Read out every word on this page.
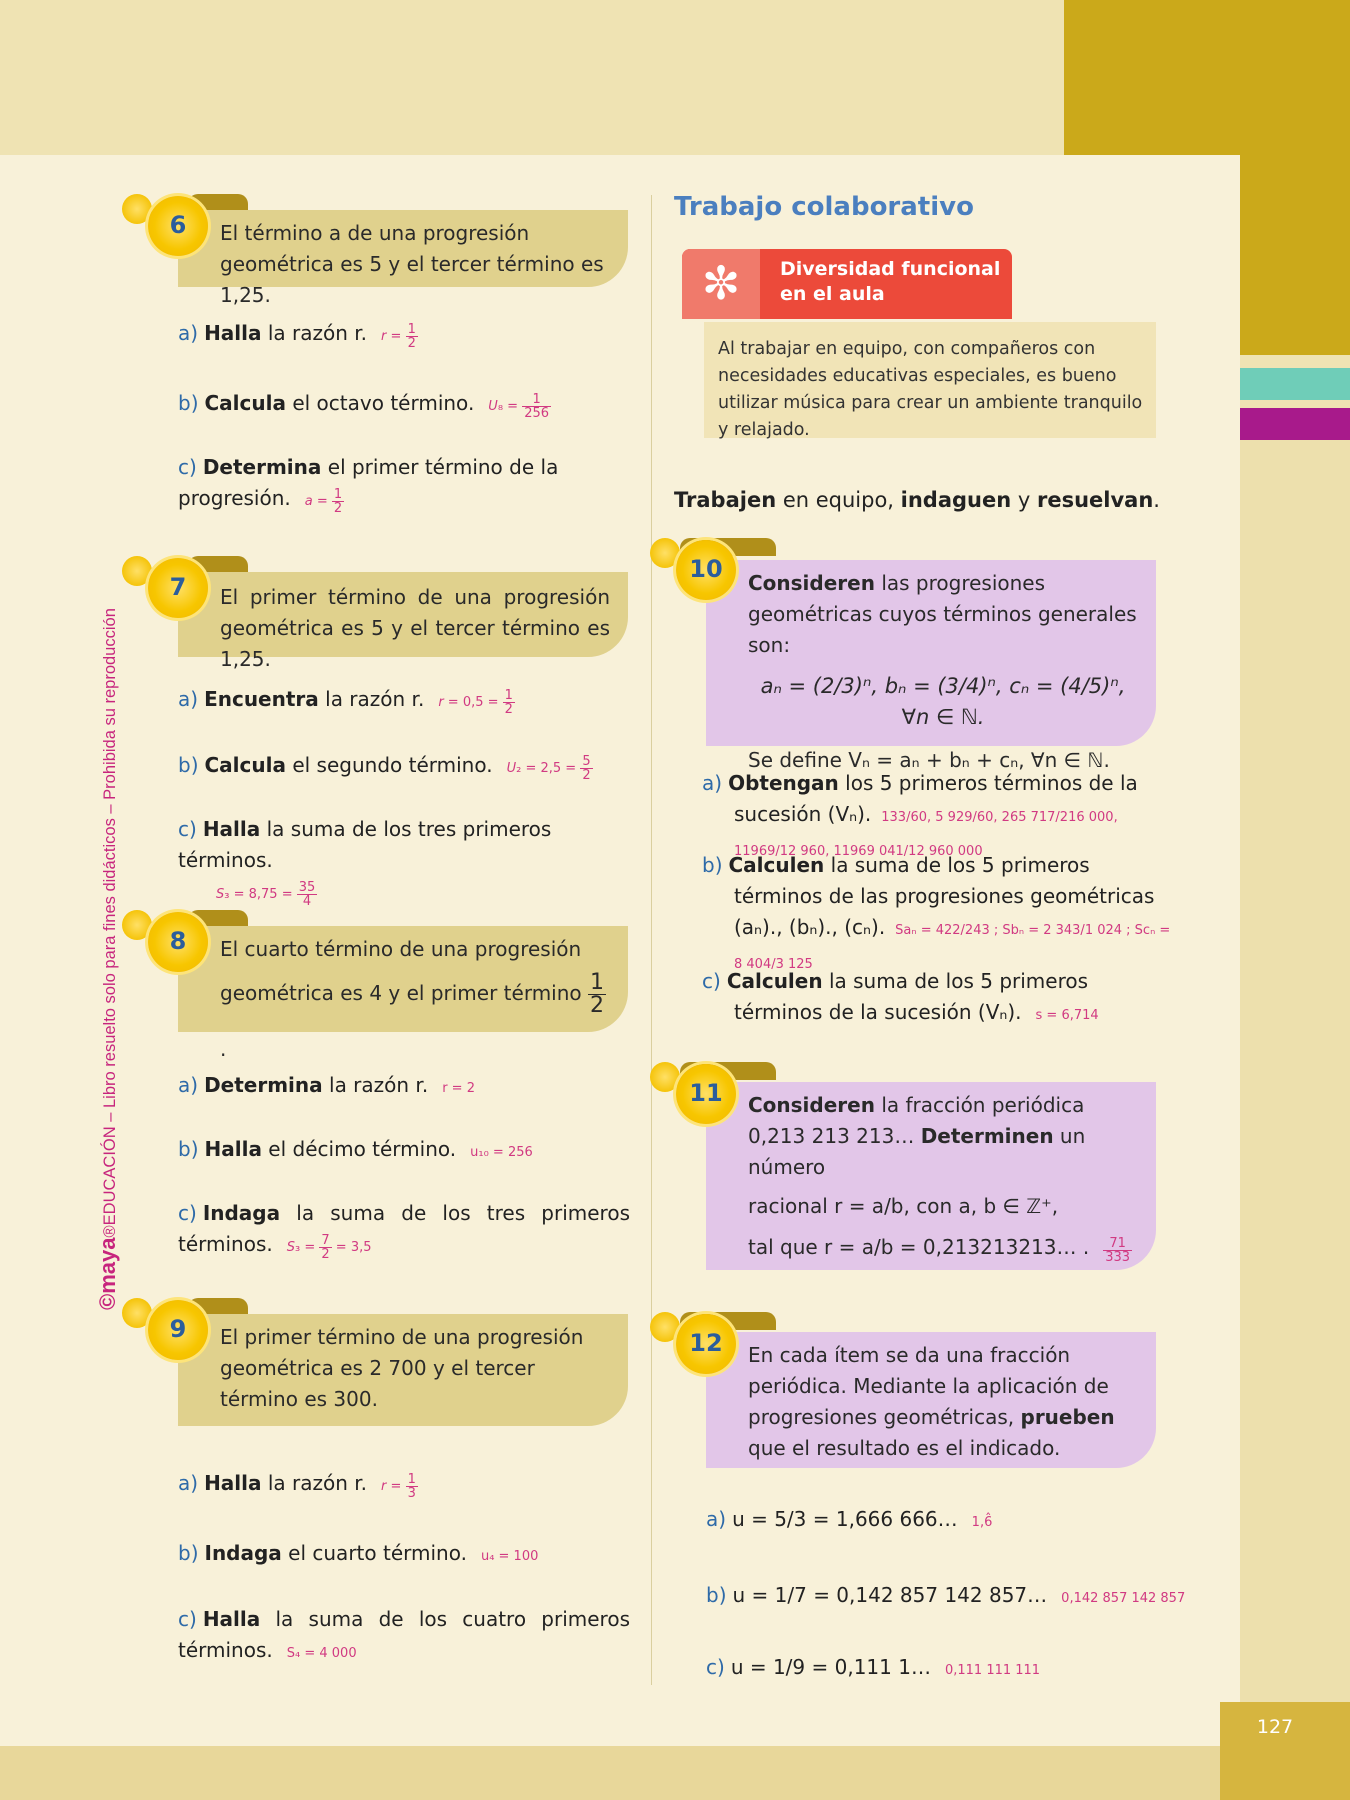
127
©maya®EDUCACIÓN – Libro resuelto solo para fines didácticos – Prohibida su reproducción
El término a de una progresión geométrica es 5 y el tercer término es 1,25.
6
a) Halla la razón r. $r = \frac{1}{2}$
b) Calcula el octavo término. $U_8 = \frac{1}{256}$
c) Determina el primer término de la progresión. $a = \frac{1}{2}$
El primer término de una progresión geométrica es 5 y el tercer término es 1,25.
7
a) Encuentra la razón r. $r = 0,5 = \frac{1}{2}$
b) Calcula el segundo término. $U_2 = 2,5 = \frac{5}{2}$
c) Halla la suma de los tres primeros términos.
$S_3 = 8,75 = \frac{35}{4}$
El cuarto término de una progresión
geométrica es 4 y el primer término $\frac{1}{2}$
.
8
a) Determina la razón r. r = 2
b) Halla el décimo término. u₁₀ = 256
c) Indaga la suma de los tres primeros términos. $S_3 = \frac{7}{2} = 3,5$
El primer término de una progresión geométrica es 2 700 y el tercer término es 300.
9
a) Halla la razón r. $r = \frac{1}{3}$
b) Indaga el cuarto término. u₄ = 100
c) Halla la suma de los cuatro primeros términos. S₄ = 4 000
Trabajo colaborativo
✼	Diversidad funcional en el aula
Al trabajar en equipo, con compañeros con necesidades educativas especiales, es bueno utilizar música para crear un ambiente tranquilo y relajado.
Trabajen en equipo, indaguen y resuelvan.
Consideren las progresiones geométricas cuyos términos generales son:
aₙ = (2/3)ⁿ, bₙ = (3/4)ⁿ, cₙ = (4/5)ⁿ, ∀n ∈ ℕ.
Se define Vₙ = aₙ + bₙ + cₙ, ∀n ∈ ℕ.
10
a) Obtengan los 5 primeros términos de la sucesión (Vₙ). 133/60, 5 929/60, 265 717/216 000, 11969/12 960, 11969 041/12 960 000
b) Calculen la suma de los 5 primeros términos de las progresiones geométricas (aₙ)., (bₙ)., (cₙ). Saₙ = 422/243 ; Sbₙ = 2 343/1 024 ; Scₙ = 8 404/3 125
c) Calculen la suma de los 5 primeros términos de la sucesión (Vₙ). s = 6,714
Consideren la fracción periódica 0,213 213 213… Determinen un número
racional r = a/b, con a, b ∈ ℤ⁺,
tal que r = a/b = 0,213213213… . $\frac{71}{333}$
11
En cada ítem se da una fracción periódica. Mediante la aplicación de progresiones geométricas, prueben que el resultado es el indicado.
12
a) u = 5/3 = 1,666 666… 1,6̂
b) u = 1/7 = 0,142 857 142 857… 0,142 857 142 857
c) u = 1/9 = 0,111 1… 0,111 111 111
